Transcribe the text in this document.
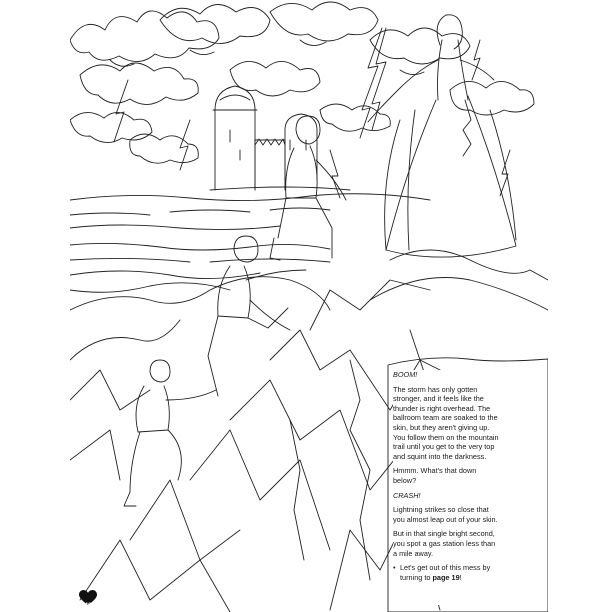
46

BOOM!

The storm has only gotten stronger, and it feels like the thunder is right overhead. The ballroom team are soaked to the skin, but they aren't giving up. You follow them on the mountain trail until you get to the very top and squint into the darkness.

Hmmm. What's that down below?

CRASH!

Lightning strikes so close that you almost leap out of your skin.

But in that single bright second, you spot a gas station less than a mile away.

• Let's get out of this mess by turning to page 19!
